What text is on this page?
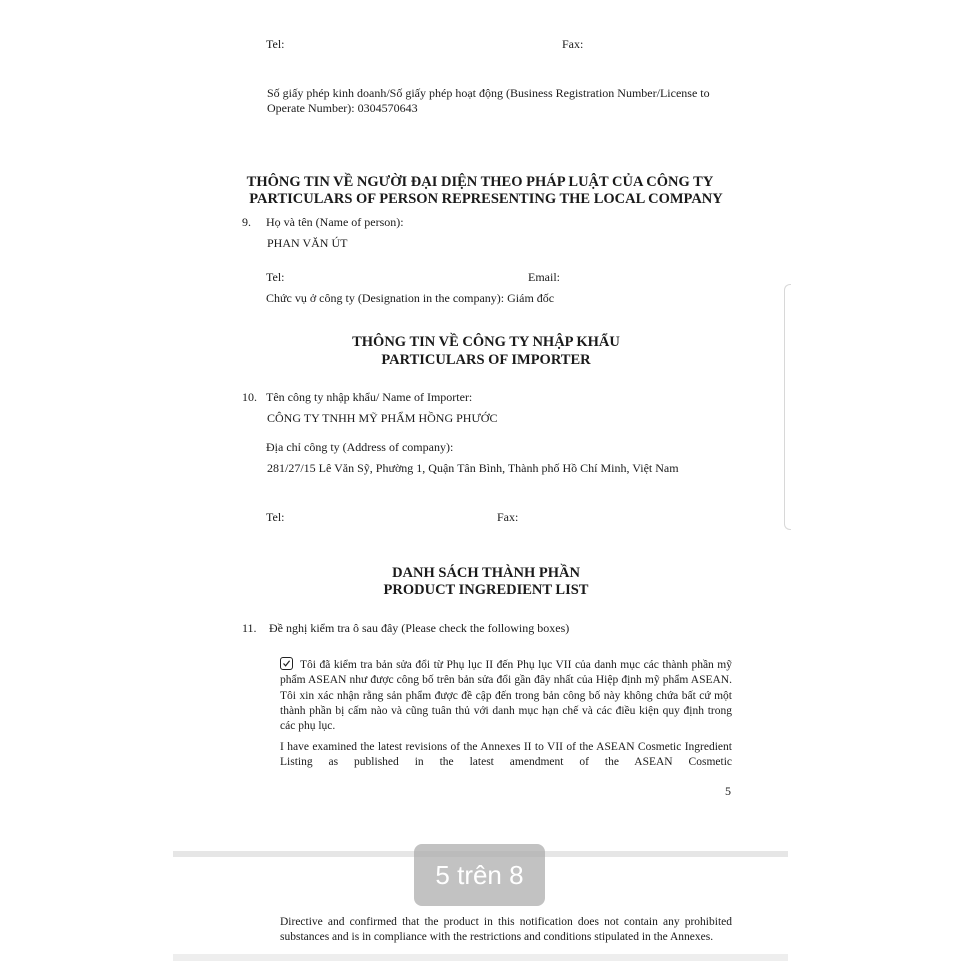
Tel:	Fax:
Số giấy phép kinh doanh/Số giấy phép hoạt động (Business Registration Number/License to
Operate Number): 0304570643
THÔNG TIN VỀ NGƯỜI ĐẠI DIỆN THEO PHÁP LUẬT CỦA CÔNG TY
PARTICULARS OF PERSON REPRESENTING THE LOCAL COMPANY
9. Họ và tên (Name of person):
PHAN VĂN ÚT
Tel:	Email:
Chức vụ ở công ty (Designation in the company): Giám đốc
THÔNG TIN VỀ CÔNG TY NHẬP KHẨU
PARTICULARS OF IMPORTER
10. Tên công ty nhập khẩu/ Name of Importer:
CÔNG TY TNHH MỸ PHẨM HỒNG PHƯỚC
Địa chỉ công ty (Address of company):
281/27/15 Lê Văn Sỹ, Phường 1, Quận Tân Bình, Thành phố Hồ Chí Minh, Việt Nam
Tel:	Fax:
DANH SÁCH THÀNH PHẦN
PRODUCT INGREDIENT LIST
11. Đề nghị kiểm tra ô sau đây (Please check the following boxes)
Tôi đã kiểm tra bản sửa đổi từ Phụ lục II đến Phụ lục VII của danh mục các thành phần mỹ phẩm ASEAN như được công bố trên bản sửa đổi gần đây nhất của Hiệp định mỹ phẩm ASEAN. Tôi xin xác nhận rằng sản phẩm được đề cập đến trong bản công bố này không chứa bất cứ một thành phần bị cấm nào và cũng tuân thủ với danh mục hạn chế và các điều kiện quy định trong các phụ lục.
I have examined the latest revisions of the Annexes II to VII of the ASEAN Cosmetic Ingredient Listing as published in the latest amendment of the ASEAN Cosmetic
5
5 trên 8
Directive and confirmed that the product in this notification does not contain any prohibited substances and is in compliance with the restrictions and conditions stipulated in the Annexes.
